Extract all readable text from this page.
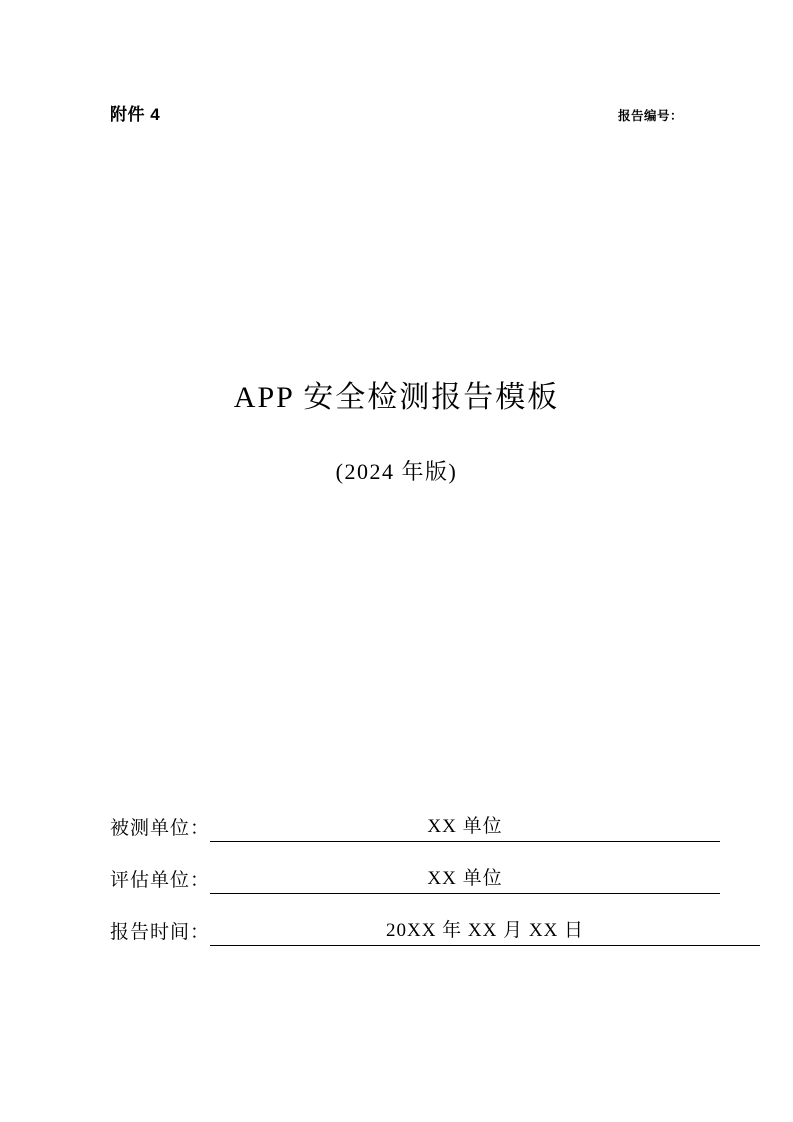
附件 4	报告编号：
APP 安全检测报告模板
(2024 年版)
被测单位：	XX 单位
评估单位：	XX 单位
报告时间：	20XX 年 XX 月 XX 日
